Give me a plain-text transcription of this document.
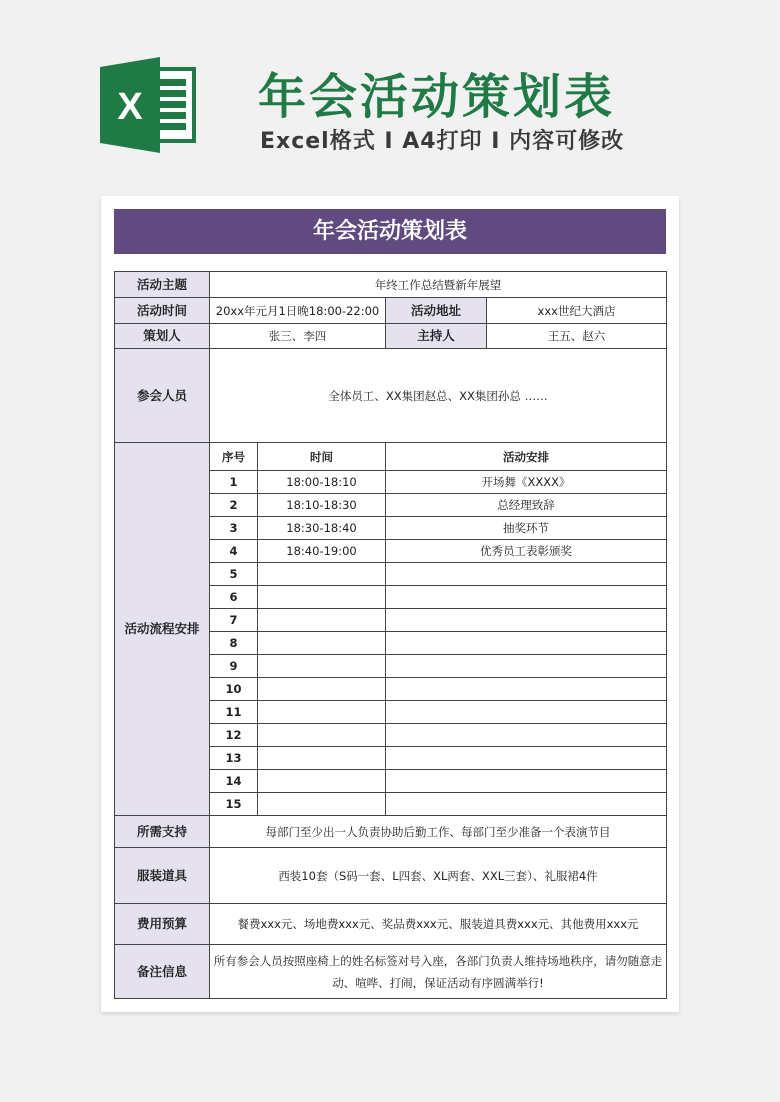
X 年会活动策划表
Excel格式 I A4打印 I 内容可修改
年会活动策划表
活动主题	年终工作总结暨新年展望			
活动时间	20xx年元月1日晚18:00-22:00		活动地址	xxx世纪大酒店
策划人	张三、李四		主持人	王五、赵六
参会人员	全体员工、XX集团赵总、XX集团孙总 ……			
活动流程安排	序号	时间	活动安排	
	1	18:00-18:10	开场舞《XXXX》	
	2	18:10-18:30	总经理致辞	
	3	18:30-18:40	抽奖环节	
	4	18:40-19:00	优秀员工表彰颁奖	
	5			
	6			
	7			
	8			
	9			
	10			
	11			
	12			
	13			
	14			
	15			
所需支持	每部门至少出一人负责协助后勤工作、每部门至少准备一个表演节目			
服装道具	西装10套（S码一套、L四套、XL两套、XXL三套）、礼服裙4件			
费用预算	餐费xxx元、场地费xxx元、奖品费xxx元、服装道具费xxx元、其他费用xxx元			
备注信息	所有参会人员按照座椅上的姓名标签对号入座，各部门负责人维持场地秩序，请勿随意走动、喧哗、打闹，保证活动有序圆满举行!			
